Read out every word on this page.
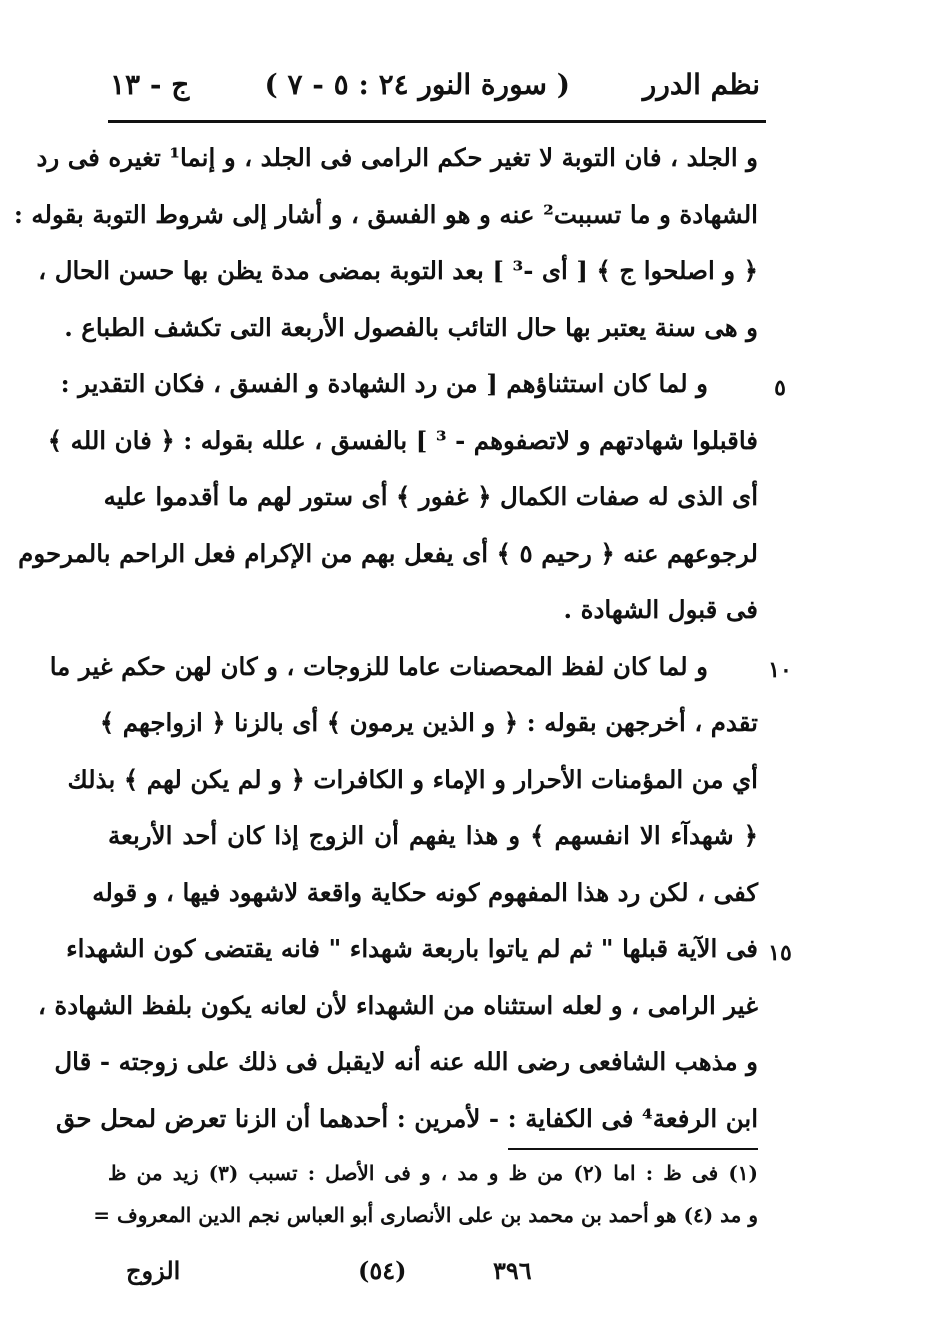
نظم الدرر
( سورة النور ٢٤ : ٥ - ٧ )
ج - ١٣
و الجلد ، فان التوبة لا تغير حكم الرامى فى الجلد ، و إنما¹ تغيره فى رد
الشهادة و ما تسببت² عنه و هو الفسق ، و أشار إلى شروط التوبة بقوله :
﴿ و اصلحوا ج ﴾ [ أى -³ ] بعد التوبة بمضى مدة يظن بها حسن الحال ،
و هى سنة يعتبر بها حال التائب بالفصول الأربعة التى تكشف الطباع .
و لما كان استثناؤهم [ من رد الشهادة و الفسق ، فكان التقدير :
فاقبلوا شهادتهم و لاتصفوهم - ³ ] بالفسق ، علله بقوله : ﴿ فان الله ﴾
أى الذى له صفات الكمال ﴿ غفور ﴾ أى ستور لهم ما أقدموا عليه
لرجوعهم عنه ﴿ رحيم ٥ ﴾ أى يفعل بهم من الإكرام فعل الراحم بالمرحوم
فى قبول الشهادة .
و لما كان لفظ المحصنات عاما للزوجات ، و كان لهن حكم غير ما
تقدم ، أخرجهن بقوله : ﴿ و الذين يرمون ﴾ أى بالزنا ﴿ ازواجهم ﴾
أي من المؤمنات الأحرار و الإماء و الكافرات ﴿ و لم يكن لهم ﴾ بذلك
﴿ شهدآء الا انفسهم ﴾ و هذا يفهم أن الزوج إذا كان أحد الأربعة
كفى ، لكن رد هذا المفهوم كونه حكاية واقعة لاشهود فيها ، و قوله
فى الآية قبلها " ثم لم ياتوا باربعة شهداء " فانه يقتضى كون الشهداء
غير الرامى ، و لعله استثناه من الشهداء لأن لعانه يكون بلفظ الشهادة ،
و مذهب الشافعى رضى الله عنه أنه لايقبل فى ذلك على زوجته - قال
ابن الرفعة⁴ فى الكفاية : - لأمرين : أحدهما أن الزنا تعرض لمحل حق
٥
١٠
١٥
(١) فى ظ : اما (٢) من ظ و مد ، و فى الأصل : تسبب (٣) زيد من ظ
و مد (٤) هو أحمد بن محمد بن على الأنصارى أبو العباس نجم الدين المعروف =
الزوج	(٥٤)	٣٩٦
